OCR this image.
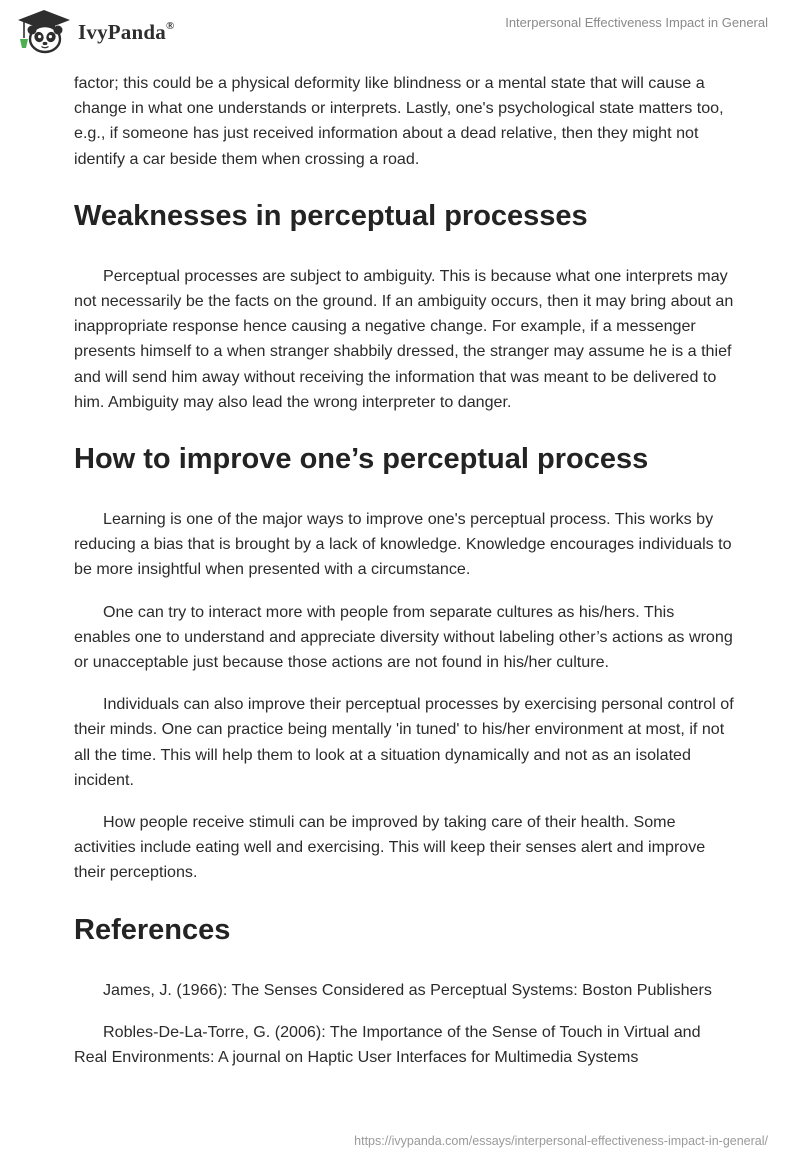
IvyPanda®	Interpersonal Effectiveness Impact in General

factor; this could be a physical deformity like blindness or a mental state that will cause a change in what one understands or interprets. Lastly, one's psychological state matters too, e.g., if someone has just received information about a dead relative, then they might not identify a car beside them when crossing a road.

Weaknesses in perceptual processes

Perceptual processes are subject to ambiguity. This is because what one interprets may not necessarily be the facts on the ground. If an ambiguity occurs, then it may bring about an inappropriate response hence causing a negative change. For example, if a messenger presents himself to a when stranger shabbily dressed, the stranger may assume he is a thief and will send him away without receiving the information that was meant to be delivered to him. Ambiguity may also lead the wrong interpreter to danger.

How to improve one’s perceptual process

Learning is one of the major ways to improve one's perceptual process. This works by reducing a bias that is brought by a lack of knowledge. Knowledge encourages individuals to be more insightful when presented with a circumstance.

One can try to interact more with people from separate cultures as his/hers. This enables one to understand and appreciate diversity without labeling other’s actions as wrong or unacceptable just because those actions are not found in his/her culture.

Individuals can also improve their perceptual processes by exercising personal control of their minds. One can practice being mentally 'in tuned' to his/her environment at most, if not all the time. This will help them to look at a situation dynamically and not as an isolated incident.

How people receive stimuli can be improved by taking care of their health. Some activities include eating well and exercising. This will keep their senses alert and improve their perceptions.

References

James, J. (1966): The Senses Considered as Perceptual Systems: Boston Publishers

Robles-De-La-Torre, G. (2006): The Importance of the Sense of Touch in Virtual and Real Environments: A journal on Haptic User Interfaces for Multimedia Systems

https://ivypanda.com/essays/interpersonal-effectiveness-impact-in-general/
